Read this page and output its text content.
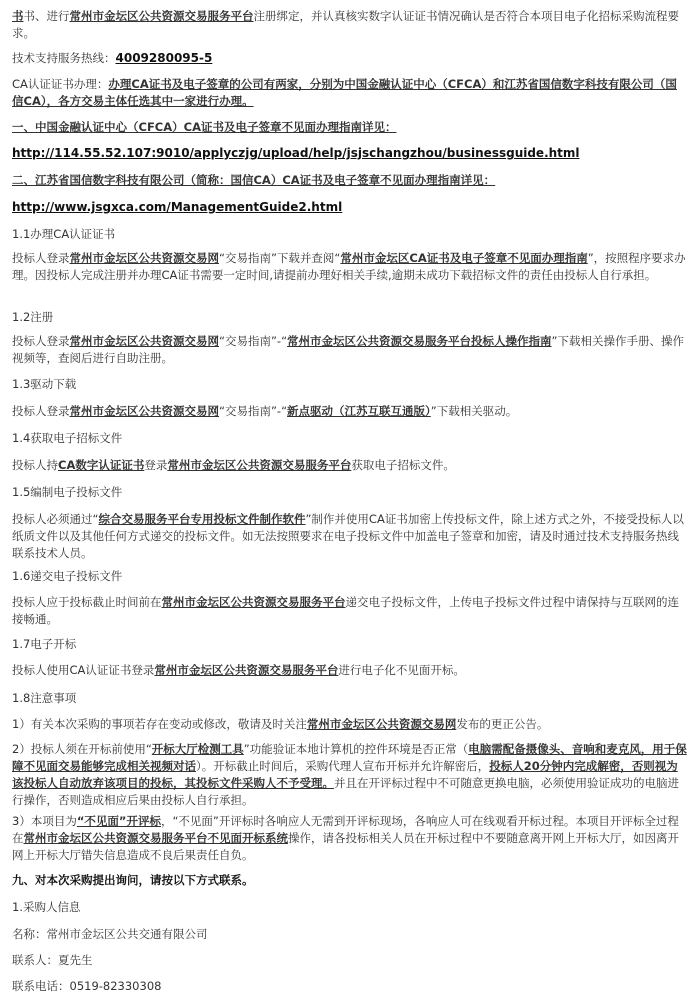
书书、进行常州市金坛区公共资源交易服务平台注册绑定，并认真核实数字认证证书情况确认是否符合本项目电子化招标采购流程要求。

技术支持服务热线：4009280095-5

CA认证证书办理：办理CA证书及电子签章的公司有两家，分别为中国金融认证中心（CFCA）和江苏省国信数字科技有限公司（国信CA），各方交易主体任选其中一家进行办理。

一、中国金融认证中心（CFCA）CA证书及电子签章不见面办理指南详见：

http://114.55.52.107:9010/applyczjg/upload/help/jsjschangzhou/businessguide.html

二、江苏省国信数字科技有限公司（简称：国信CA）CA证书及电子签章不见面办理指南详见：

http://www.jsgxca.com/ManagementGuide2.html

1.1办理CA认证证书

投标人登录常州市金坛区公共资源交易网“交易指南”下载并查阅“常州市金坛区CA证书及电子签章不见面办理指南”，按照程序要求办理。因投标人完成注册并办理CA证书需要一定时间,请提前办理好相关手续,逾期未成功下载招标文件的责任由投标人自行承担。

1.2注册

投标人登录常州市金坛区公共资源交易网“交易指南”-“常州市金坛区公共资源交易服务平台投标人操作指南”下载相关操作手册、操作视频等，查阅后进行自助注册。

1.3驱动下载

投标人登录常州市金坛区公共资源交易网“交易指南”-“新点驱动（江苏互联互通版）”下载相关驱动。

1.4获取电子招标文件

投标人持CA数字认证证书登录常州市金坛区公共资源交易服务平台获取电子招标文件。

1.5编制电子投标文件

投标人必须通过“综合交易服务平台专用投标文件制作软件”制作并使用CA证书加密上传投标文件，除上述方式之外，不接受投标人以纸质文件以及其他任何方式递交的投标文件。如无法按照要求在电子投标文件中加盖电子签章和加密，请及时通过技术支持服务热线联系技术人员。

1.6递交电子投标文件

投标人应于投标截止时间前在常州市金坛区公共资源交易服务平台递交电子投标文件，上传电子投标文件过程中请保持与互联网的连接畅通。

1.7电子开标

投标人使用CA认证证书登录常州市金坛区公共资源交易服务平台进行电子化不见面开标。

1.8注意事项

1）有关本次采购的事项若存在变动或修改，敬请及时关注常州市金坛区公共资源交易网发布的更正公告。

2）投标人须在开标前使用“开标大厅检测工具”功能验证本地计算机的控件环境是否正常（电脑需配备摄像头、音响和麦克风，用于保障不见面交易能够完成相关视频对话）。开标截止时间后，采购代理人宣布开标并允许解密后，投标人20分钟内完成解密，否则视为该投标人自动放弃该项目的投标，其投标文件采购人不予受理。并且在开评标过程中不可随意更换电脑，必须使用验证成功的电脑进行操作，否则造成相应后果由投标人自行承担。

3）本项目为“不见面”开评标，“不见面”开评标时各响应人无需到开评标现场，各响应人可在线观看开标过程。本项目开评标全过程在常州市金坛区公共资源交易服务平台不见面开标系统操作，请各投标相关人员在开标过程中不要随意离开网上开标大厅，如因离开网上开标大厅错失信息造成不良后果责任自负。

九、对本次采购提出询问，请按以下方式联系。

1.采购人信息

名称：常州市金坛区公共交通有限公司

联系人：夏先生

联系电话：0519-82330308
